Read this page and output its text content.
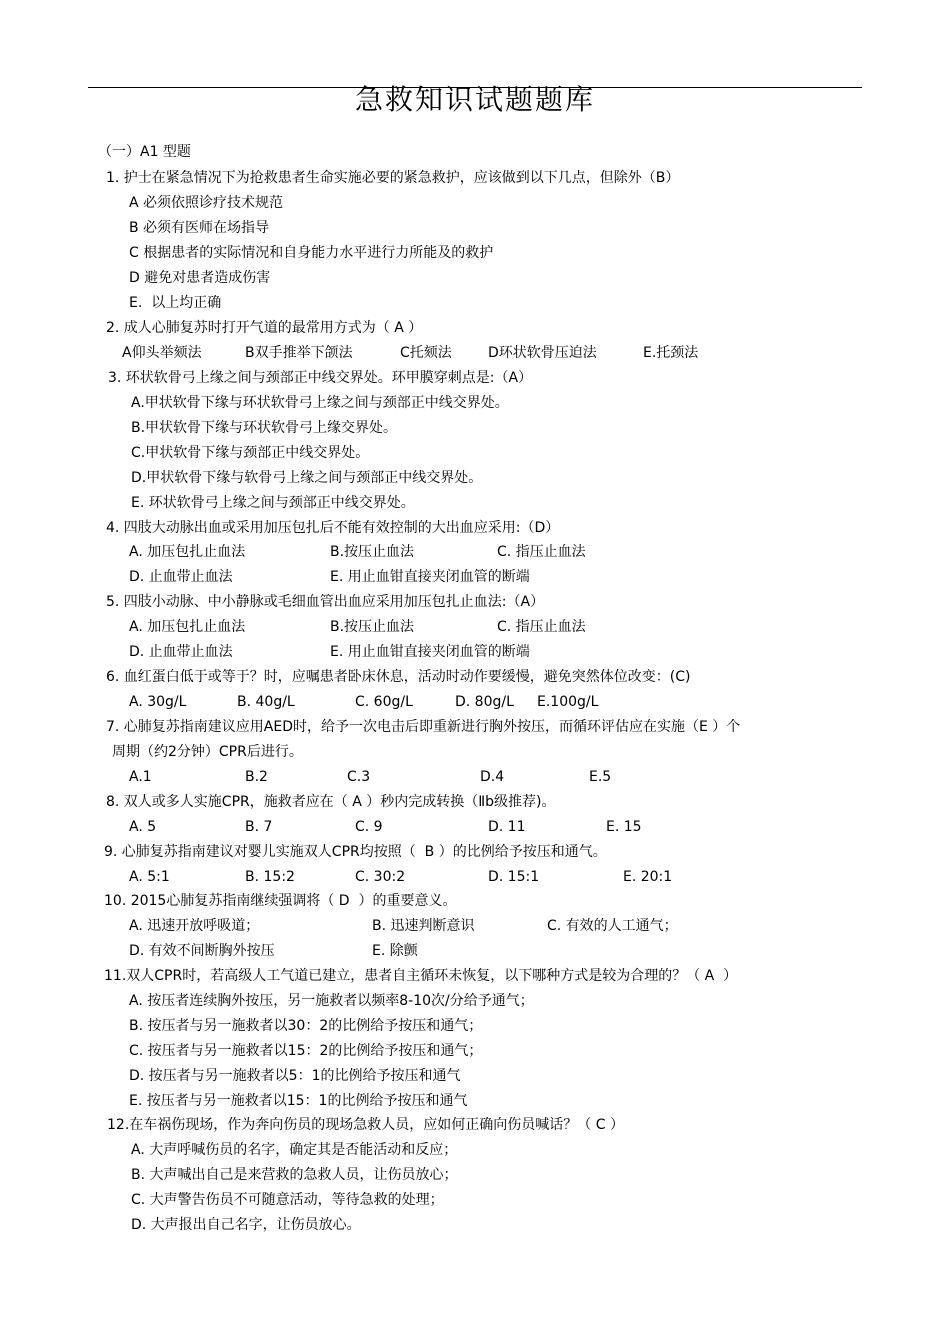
急救知识试题题库
（一）A1 型题
1. 护士在紧急情况下为抢救患者生命实施必要的紧急救护，应该做到以下几点，但除外（B）
A 必须依照诊疗技术规范
B 必须有医师在场指导
C 根据患者的实际情况和自身能力水平进行力所能及的救护
D 避免对患者造成伤害
E.  以上均正确
2. 成人心肺复苏时打开气道的最常用方式为（ A ）
A仰头举颏法	B双手推举下颌法	C托颏法	D环状软骨压迫法	E.托颈法
3. 环状软骨弓上缘之间与颈部正中线交界处。环甲膜穿刺点是:（A）
A.甲状软骨下缘与环状软骨弓上缘之间与颈部正中线交界处。
B.甲状软骨下缘与环状软骨弓上缘交界处。
C.甲状软骨下缘与颈部正中线交界处。
D.甲状软骨下缘与软骨弓上缘之间与颈部正中线交界处。
E. 环状软骨弓上缘之间与颈部正中线交界处。
4. 四肢大动脉出血或采用加压包扎后不能有效控制的大出血应采用:（D）
A. 加压包扎止血法	B.按压止血法	C. 指压止血法
D. 止血带止血法	E. 用止血钳直接夹闭血管的断端
5. 四肢小动脉、中小静脉或毛细血管出血应采用加压包扎止血法:（A）
A. 加压包扎止血法	B.按压止血法	C. 指压止血法
D. 止血带止血法	E. 用止血钳直接夹闭血管的断端
6. 血红蛋白低于或等于？时，应嘱患者卧床休息，活动时动作要缓慢，避免突然体位改变：(C)
A. 30g/L	B. 40g/L	C. 60g/L	D. 80g/L E.100g/L
7. 心肺复苏指南建议应用AED时，给予一次电击后即重新进行胸外按压，而循环评估应在实施（E ）个
周期（约2分钟）CPR后进行。
A.1	B.2	C.3	D.4	E.5
8. 双人或多人实施CPR，施救者应在（ A ）秒内完成转换（Ⅱb级推荐)。
A. 5	B. 7	C. 9	D. 11	E. 15
9. 心肺复苏指南建议对婴儿实施双人CPR均按照（  B ）的比例给予按压和通气。
A. 5:1	B. 15:2	C. 30:2	D. 15:1	E. 20:1
10. 2015心肺复苏指南继续强调将（ D  ）的重要意义。
A. 迅速开放呼吸道；	B. 迅速判断意识	C. 有效的人工通气；
D. 有效不间断胸外按压	E. 除颤
11.双人CPR时，若高级人工气道已建立，患者自主循环未恢复，以下哪种方式是较为合理的？（ A  ）
A. 按压者连续胸外按压，另一施救者以频率8-10次/分给予通气；
B. 按压者与另一施救者以30：2的比例给予按压和通气；
C. 按压者与另一施救者以15：2的比例给予按压和通气；
D. 按压者与另一施救者以5：1的比例给予按压和通气
E. 按压者与另一施救者以15：1的比例给予按压和通气
12.在车祸伤现场，作为奔向伤员的现场急救人员，应如何正确向伤员喊话？（ C ）
A. 大声呼喊伤员的名字，确定其是否能活动和反应；
B. 大声喊出自己是来营救的急救人员，让伤员放心；
C. 大声警告伤员不可随意活动，等待急救的处理；
D. 大声报出自己名字，让伤员放心。
